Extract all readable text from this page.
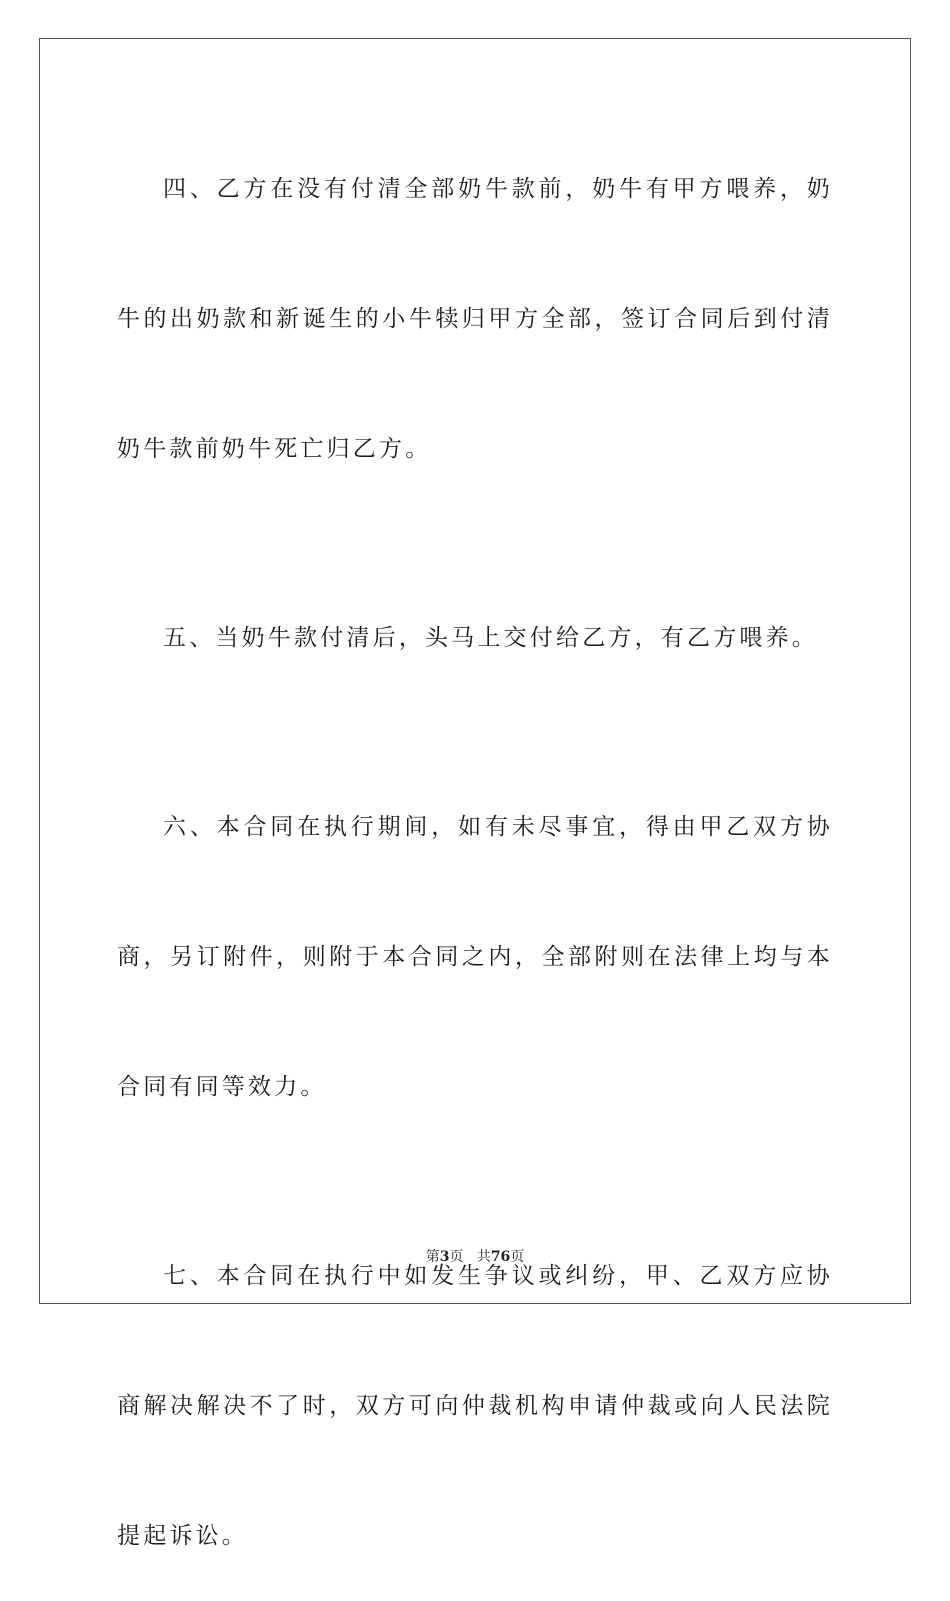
四、乙方在没有付清全部奶牛款前，奶牛有甲方喂养，奶牛的出奶款和新诞生的小牛犊归甲方全部，签订合同后到付清奶牛款前奶牛死亡归乙方。

五、当奶牛款付清后，头马上交付给乙方，有乙方喂养。

六、本合同在执行期间，如有未尽事宜，得由甲乙双方协商，另订附件，则附于本合同之内，全部附则在法律上均与本合同有同等效力。

七、本合同在执行中如发生争议或纠纷，甲、乙双方应协商解决解决不了时，双方可向仲裁机构申请仲裁或向人民法院提起诉讼。

第3页 共76页
